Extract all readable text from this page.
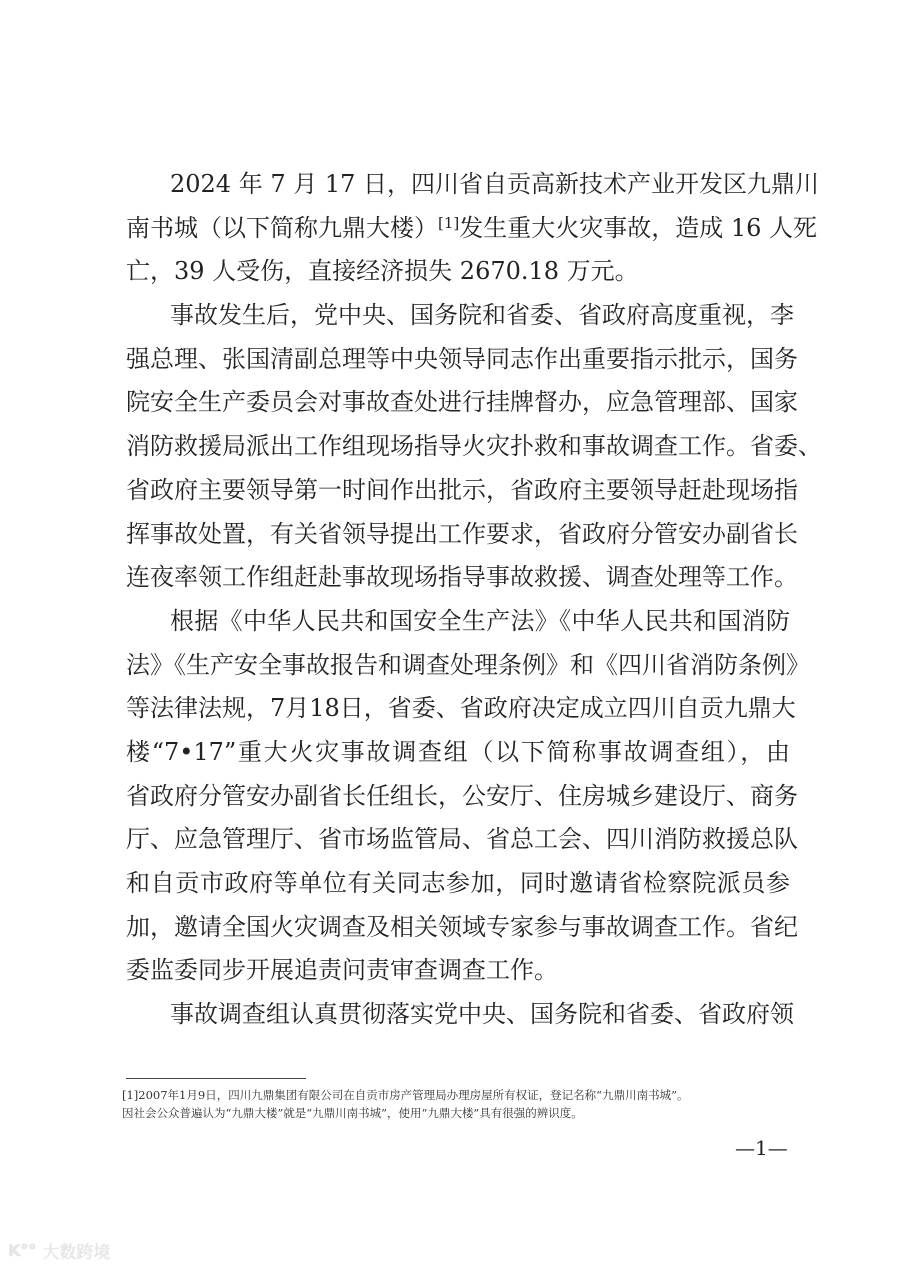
2024 年 7 月 17 日，四川省自贡高新技术产业开发区九鼎川
南书城（以下简称九鼎大楼）[1]发生重大火灾事故，造成 16 人死
亡，39 人受伤，直接经济损失 2670.18 万元。
事故发生后，党中央、国务院和省委、省政府高度重视，李
强总理、张国清副总理等中央领导同志作出重要指示批示，国务
院安全生产委员会对事故查处进行挂牌督办，应急管理部、国家
消防救援局派出工作组现场指导火灾扑救和事故调查工作。省委、
省政府主要领导第一时间作出批示，省政府主要领导赶赴现场指
挥事故处置，有关省领导提出工作要求，省政府分管安办副省长
连夜率领工作组赶赴事故现场指导事故救援、调查处理等工作。
根据《中华人民共和国安全生产法》《中华人民共和国消防
法》《生产安全事故报告和调查处理条例》和《四川省消防条例》
等法律法规，7月18日，省委、省政府决定成立四川自贡九鼎大
楼“7•17”重大火灾事故调查组（以下简称事故调查组），由
省政府分管安办副省长任组长，公安厅、住房城乡建设厅、商务
厅、应急管理厅、省市场监管局、省总工会、四川消防救援总队
和自贡市政府等单位有关同志参加，同时邀请省检察院派员参
加，邀请全国火灾调查及相关领域专家参与事故调查工作。省纪
委监委同步开展追责问责审查调查工作。
事故调查组认真贯彻落实党中央、国务院和省委、省政府领
[1]2007年1月9日，四川九鼎集团有限公司在自贡市房产管理局办理房屋所有权证，登记名称“九鼎川南书城”。
因社会公众普遍认为“九鼎大楼”就是“九鼎川南书城”，使用“九鼎大楼”具有很强的辨识度。
—1—
K°° 大数跨境
